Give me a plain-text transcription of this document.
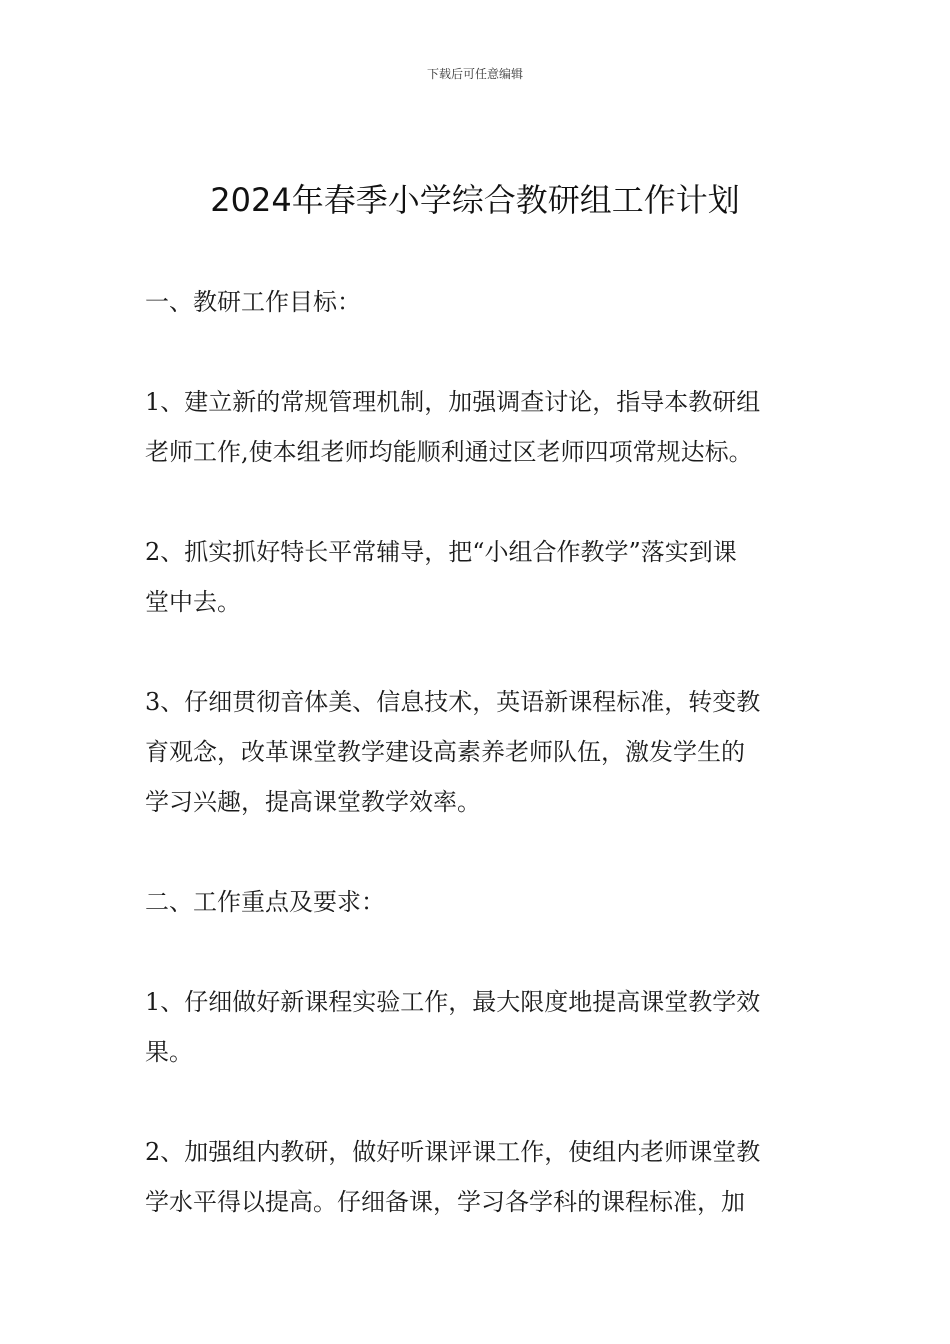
下载后可任意编辑
2024年春季小学综合教研组工作计划

一、教研工作目标：

1、建立新的常规管理机制，加强调查讨论，指导本教研组
老师工作,使本组老师均能顺利通过区老师四项常规达标。

2、抓实抓好特长平常辅导，把“小组合作教学”落实到课
堂中去。

3、仔细贯彻音体美、信息技术，英语新课程标准，转变教
育观念，改革课堂教学建设高素养老师队伍，激发学生的
学习兴趣，提高课堂教学效率。

二、工作重点及要求：

1、仔细做好新课程实验工作，最大限度地提高课堂教学效
果。

2、加强组内教研，做好听课评课工作，使组内老师课堂教
学水平得以提高。仔细备课，学习各学科的课程标准，加
